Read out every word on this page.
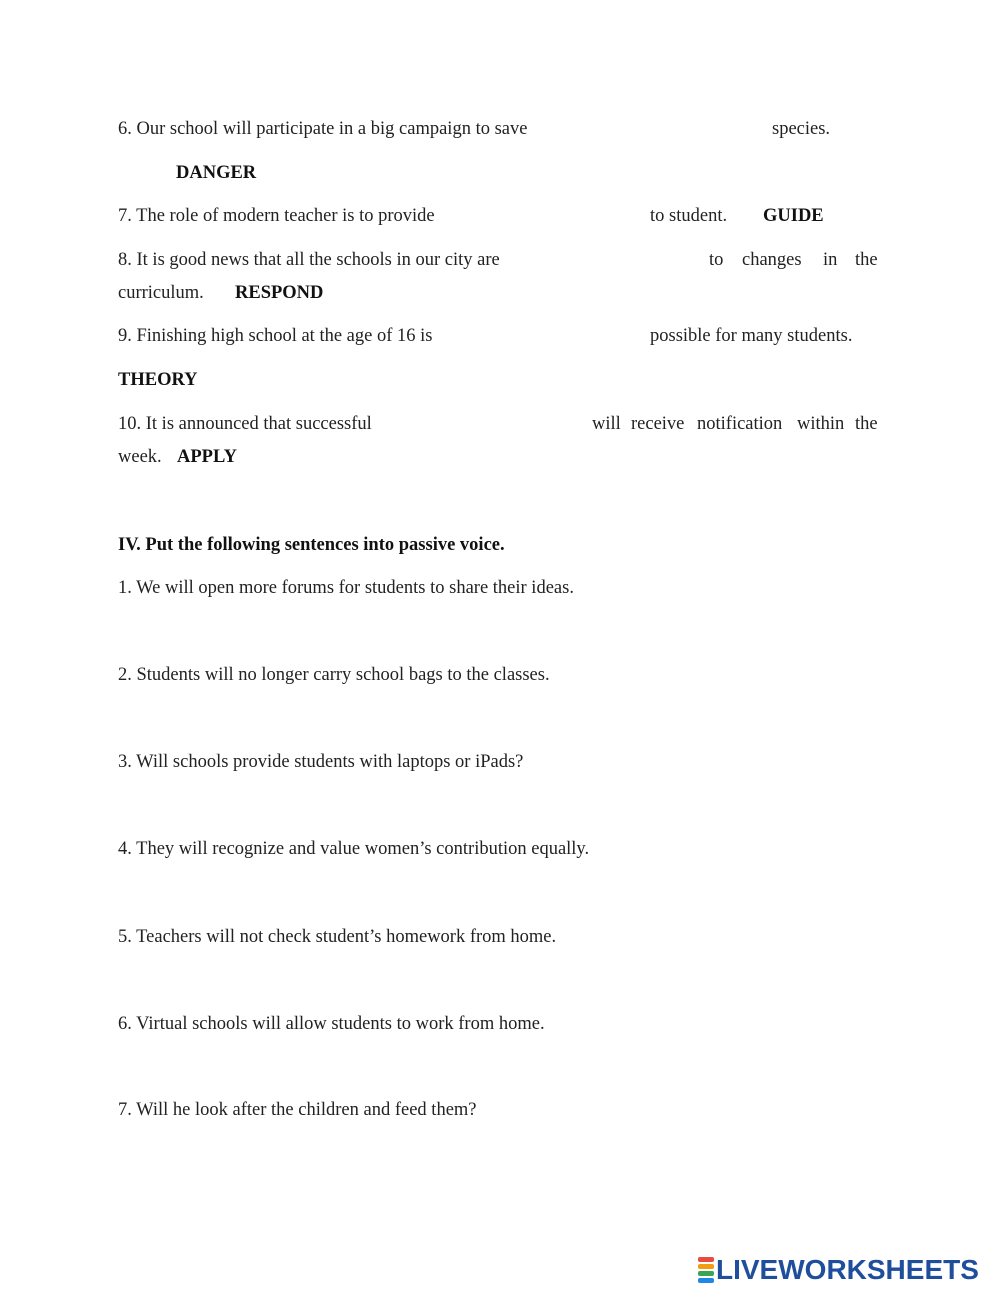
6. Our school will participate in a big campaign to save	species.
DANGER
7. The role of modern teacher is to provide	to student. GUIDE
8. It is good news that all the schools in our city are	to changes in the
curriculum. RESPOND
9. Finishing high school at the age of 16 is	possible for many students.
THEORY
10. It is announced that successful	will receive notification within the
week. APPLY
IV. Put the following sentences into passive voice.
1. We will open more forums for students to share their ideas.
2. Students will no longer carry school bags to the classes.
3. Will schools provide students with laptops or iPads?
4. They will recognize and value women’s contribution equally.
5. Teachers will not check student’s homework from home.
6. Virtual schools will allow students to work from home.
7. Will he look after the children and feed them?
LIVEWORKSHEETS
